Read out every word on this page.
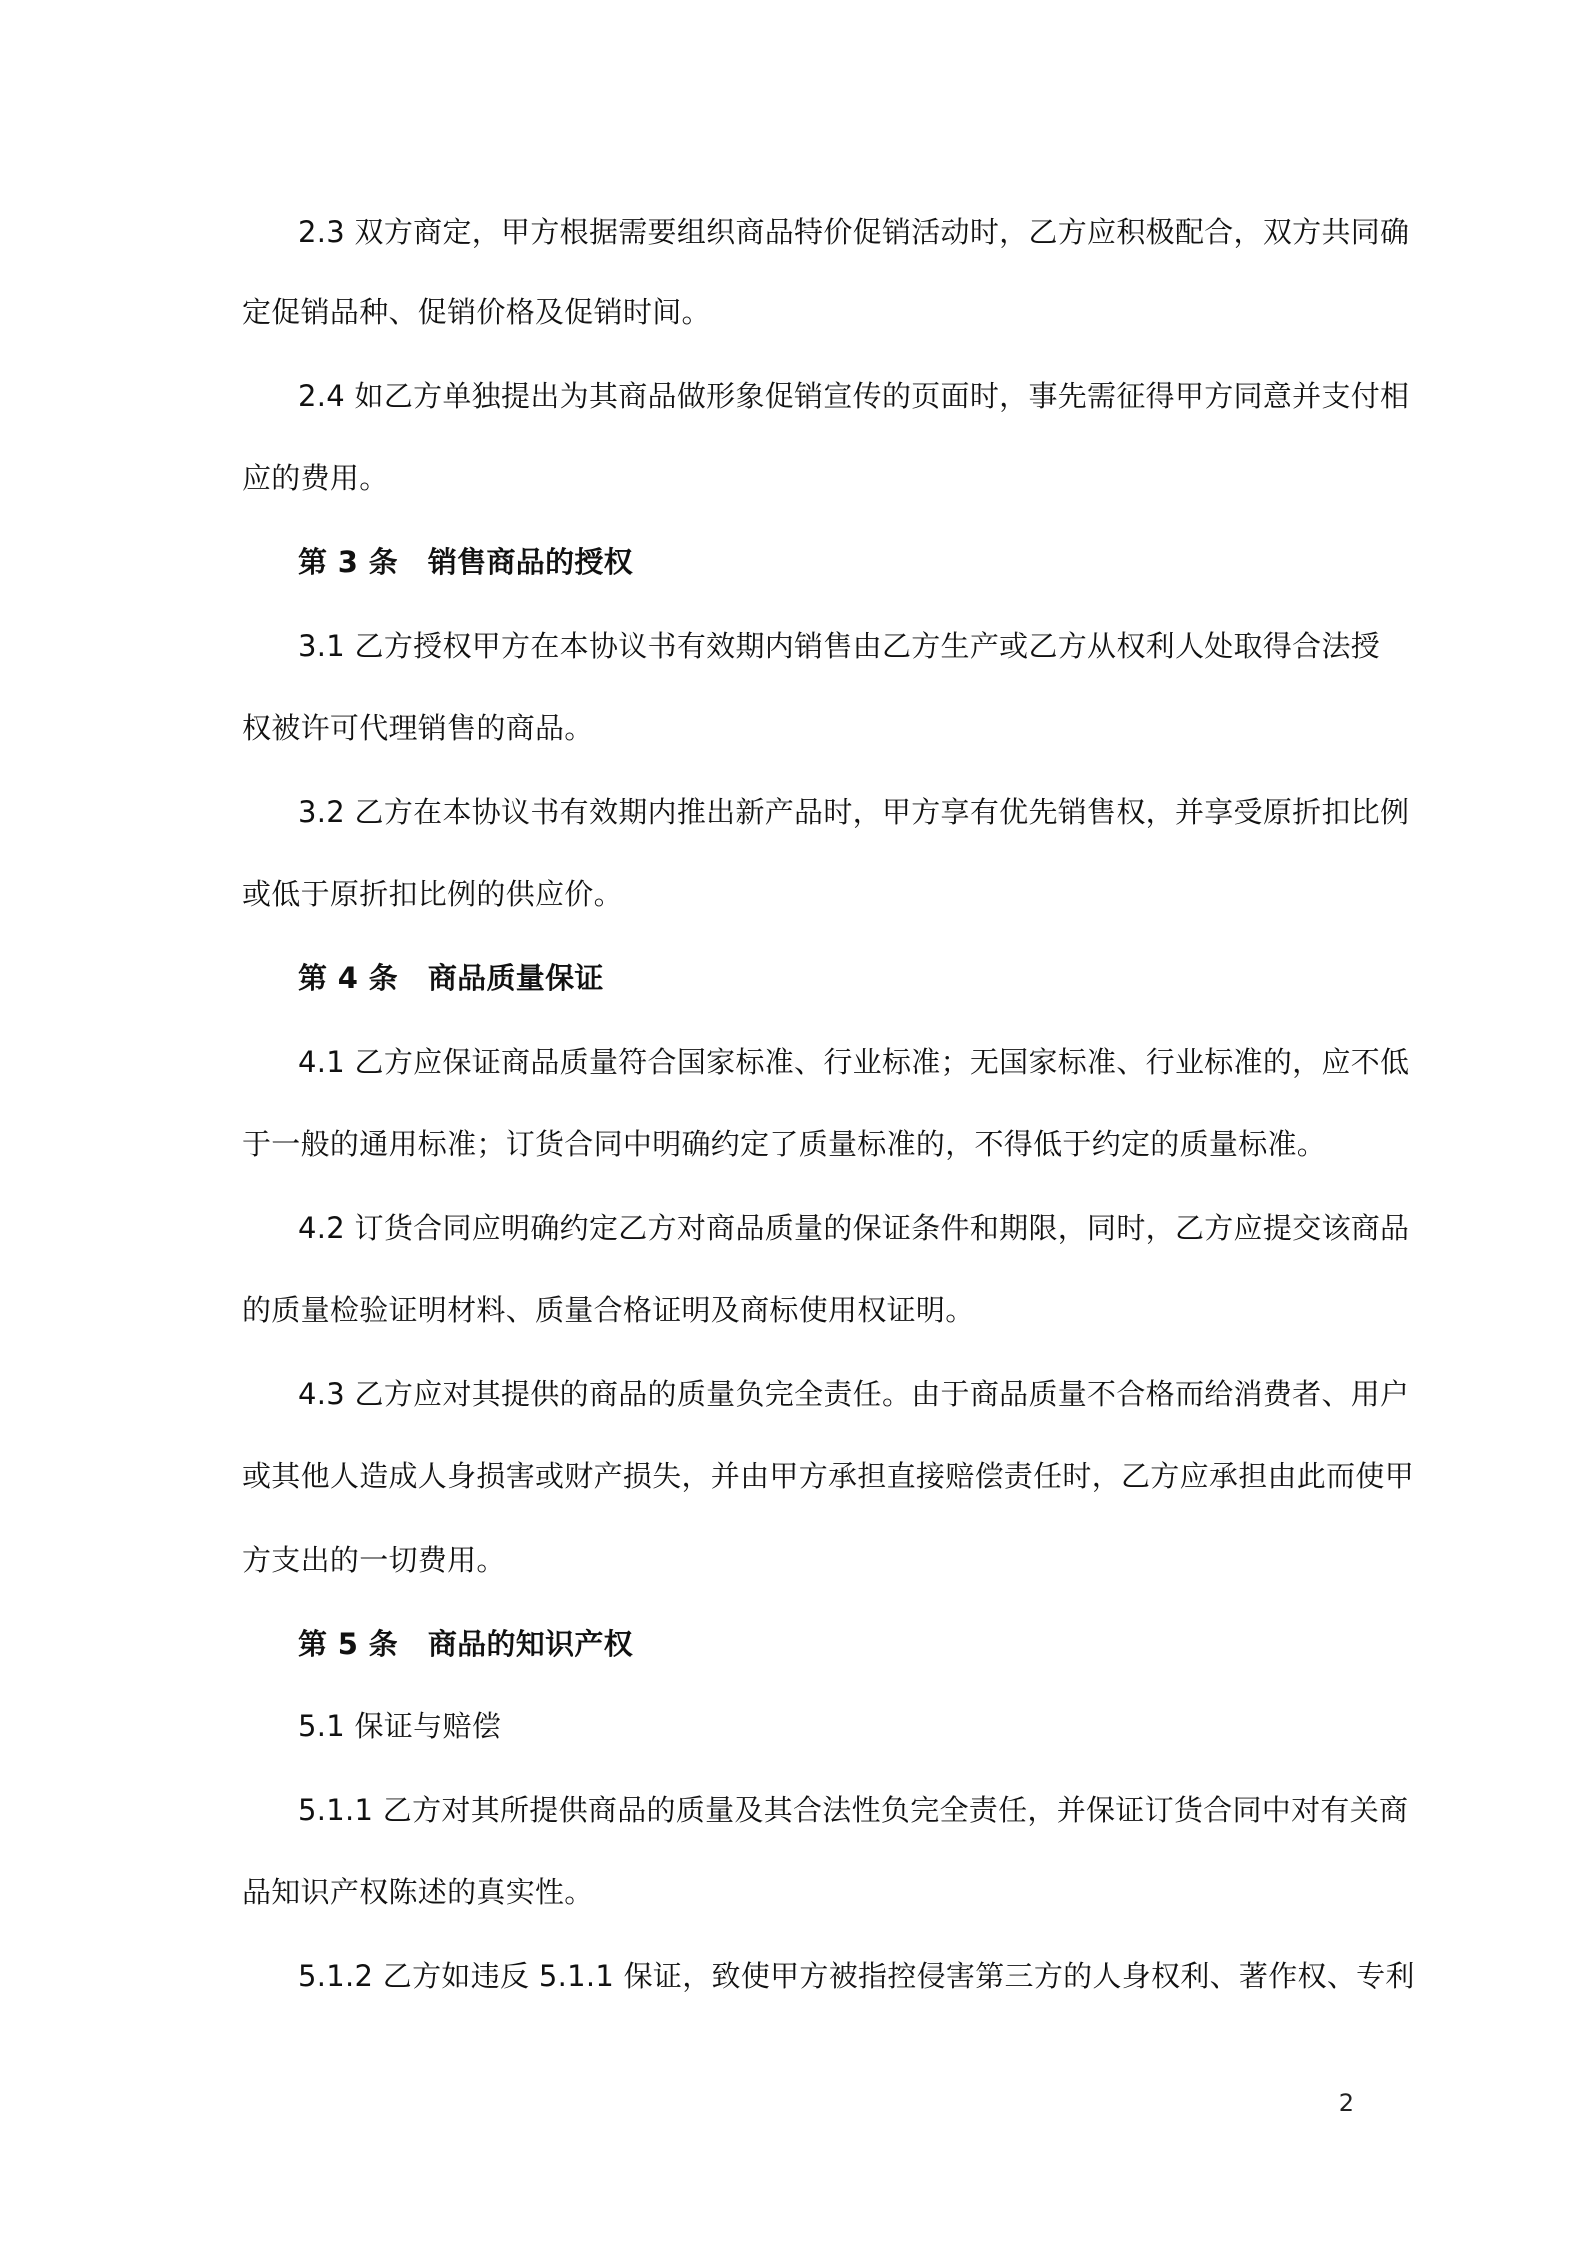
2.3 双方商定，甲方根据需要组织商品特价促销活动时，乙方应积极配合，双方共同确
定促销品种、促销价格及促销时间。
2.4 如乙方单独提出为其商品做形象促销宣传的页面时，事先需征得甲方同意并支付相
应的费用。
第 3 条 销售商品的授权
3.1 乙方授权甲方在本协议书有效期内销售由乙方生产或乙方从权利人处取得合法授
权被许可代理销售的商品。
3.2 乙方在本协议书有效期内推出新产品时，甲方享有优先销售权，并享受原折扣比例
或低于原折扣比例的供应价。
第 4 条 商品质量保证
4.1 乙方应保证商品质量符合国家标准、行业标准；无国家标准、行业标准的，应不低
于一般的通用标准；订货合同中明确约定了质量标准的，不得低于约定的质量标准。
4.2 订货合同应明确约定乙方对商品质量的保证条件和期限，同时，乙方应提交该商品
的质量检验证明材料、质量合格证明及商标使用权证明。
4.3 乙方应对其提供的商品的质量负完全责任。由于商品质量不合格而给消费者、用户
或其他人造成人身损害或财产损失，并由甲方承担直接赔偿责任时，乙方应承担由此而使甲
方支出的一切费用。
第 5 条 商品的知识产权
5.1 保证与赔偿
5.1.1 乙方对其所提供商品的质量及其合法性负完全责任，并保证订货合同中对有关商
品知识产权陈述的真实性。
5.1.2 乙方如违反 5.1.1 保证，致使甲方被指控侵害第三方的人身权利、著作权、专利
2
